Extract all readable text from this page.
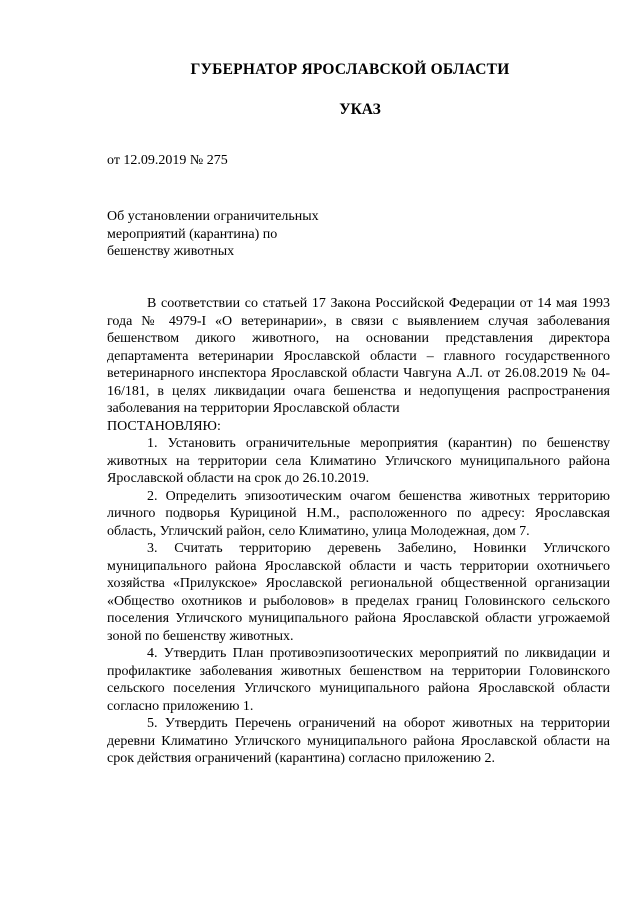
ГУБЕРНАТОР ЯРОСЛАВСКОЙ ОБЛАСТИ
УКАЗ
от 12.09.2019 № 275
Об установлении ограничительных
мероприятий (карантина) по
бешенству животных

В соответствии со статьей 17 Закона Российской Федерации от 14 мая 1993 года № 4979-I «О ветеринарии», в связи с выявлением случая заболевания бешенством дикого животного, на основании представления директора департамента ветеринарии Ярославской области – главного государственного ветеринарного инспектора Ярославской области Чавгуна А.Л. от 26.08.2019 № 04-16/181, в целях ликвидации очага бешенства и недопущения распространения заболевания на территории Ярославской области

ПОСТАНОВЛЯЮ:

1. Установить ограничительные мероприятия (карантин) по бешенству животных на территории села Климатино Угличского муниципального района Ярославской области на срок до 26.10.2019.

2. Определить эпизоотическим очагом бешенства животных территорию личного подворья Курициной Н.М., расположенного по адресу: Ярославская область, Угличский район, село Климатино, улица Молодежная, дом 7.

3. Считать территорию деревень Забелино, Новинки Угличского муниципального района Ярославской области и часть территории охотничьего хозяйства «Прилукское» Ярославской региональной общественной организации «Общество охотников и рыболовов» в пределах границ Головинского сельского поселения Угличского муниципального района Ярославской области угрожаемой зоной по бешенству животных.

4. Утвердить План противоэпизоотических мероприятий по ликвидации и профилактике заболевания животных бешенством на территории Головинского сельского поселения Угличского муниципального района Ярославской области согласно приложению 1.

5. Утвердить Перечень ограничений на оборот животных на территории деревни Климатино Угличского муниципального района Ярославской области на срок действия ограничений (карантина) согласно приложению 2.
